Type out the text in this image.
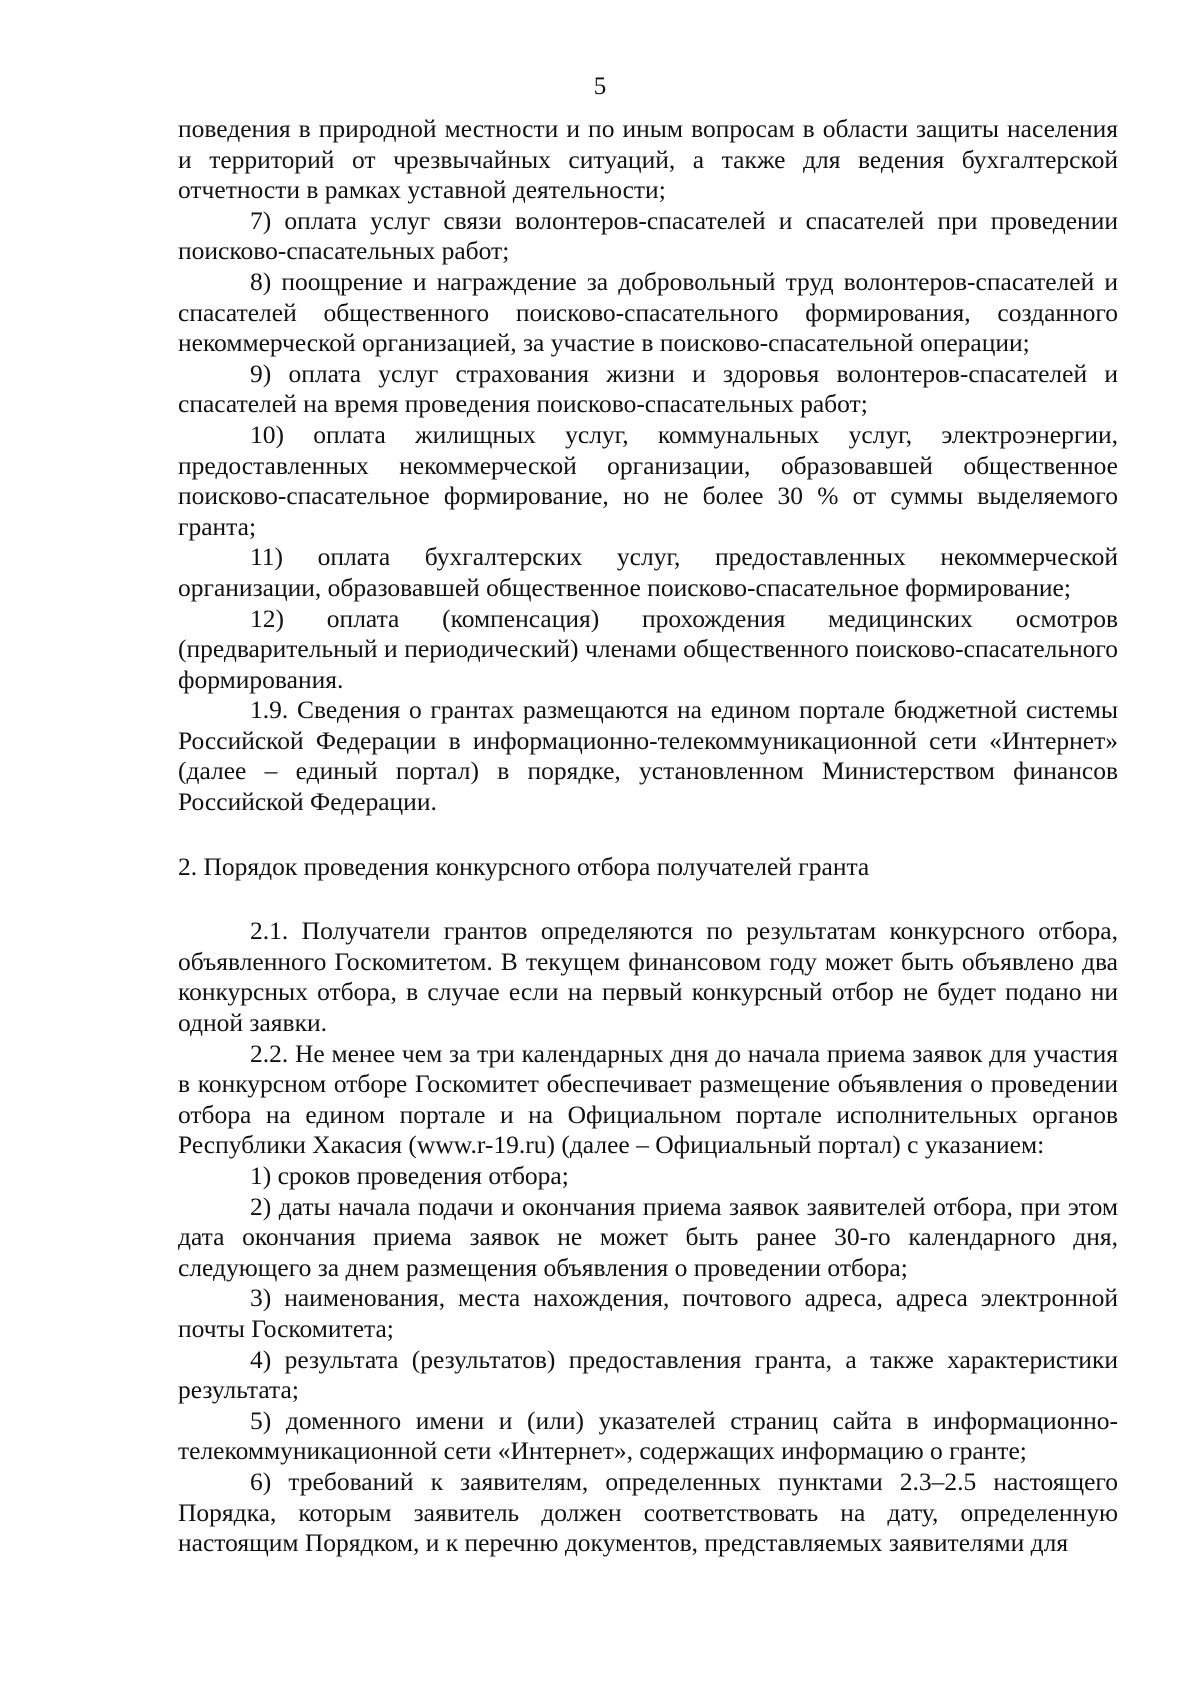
5

поведения в природной местности и по иным вопросам в области защиты населения и территорий от чрезвычайных ситуаций, а также для ведения бухгалтерской отчетности в рамках уставной деятельности;

7) оплата услуг связи волонтеров-спасателей и спасателей при проведении поисково-спасательных работ;

8) поощрение и награждение за добровольный труд волонтеров-спасателей и спасателей общественного поисково-спасательного формирования, созданного некоммерческой организацией, за участие в поисково-спасательной операции;

9) оплата услуг страхования жизни и здоровья волонтеров-спасателей и спасателей на время проведения поисково-спасательных работ;

10) оплата жилищных услуг, коммунальных услуг, электроэнергии, предоставленных некоммерческой организации, образовавшей общественное поисково-спасательное формирование, но не более 30 % от суммы выделяемого гранта;

11) оплата бухгалтерских услуг, предоставленных некоммерческой организации, образовавшей общественное поисково-спасательное формирование;

12) оплата (компенсация) прохождения медицинских осмотров (предварительный и периодический) членами общественного поисково-спасательного формирования.

1.9. Сведения о грантах размещаются на едином портале бюджетной системы Российской Федерации в информационно-телекоммуникационной сети «Интернет» (далее – единый портал) в порядке, установленном Министерством финансов Российской Федерации.

2. Порядок проведения конкурсного отбора получателей гранта

2.1. Получатели грантов определяются по результатам конкурсного отбора, объявленного Госкомитетом. В текущем финансовом году может быть объявлено два конкурсных отбора, в случае если на первый конкурсный отбор не будет подано ни одной заявки.

2.2. Не менее чем за три календарных дня до начала приема заявок для участия в конкурсном отборе Госкомитет обеспечивает размещение объявления о проведении отбора на едином портале и на Официальном портале исполнительных органов Республики Хакасия (www.r-19.ru) (далее – Официальный портал) с указанием:

1) сроков проведения отбора;

2) даты начала подачи и окончания приема заявок заявителей отбора, при этом дата окончания приема заявок не может быть ранее 30-го календарного дня, следующего за днем размещения объявления о проведении отбора;

3) наименования, места нахождения, почтового адреса, адреса электронной почты Госкомитета;

4) результата (результатов) предоставления гранта, а также характеристики результата;

5) доменного имени и (или) указателей страниц сайта в информационно-телекоммуникационной сети «Интернет», содержащих информацию о гранте;

6) требований к заявителям, определенных пунктами 2.3–2.5 настоящего Порядка, которым заявитель должен соответствовать на дату, определенную настоящим Порядком, и к перечню документов, представляемых заявителями для
